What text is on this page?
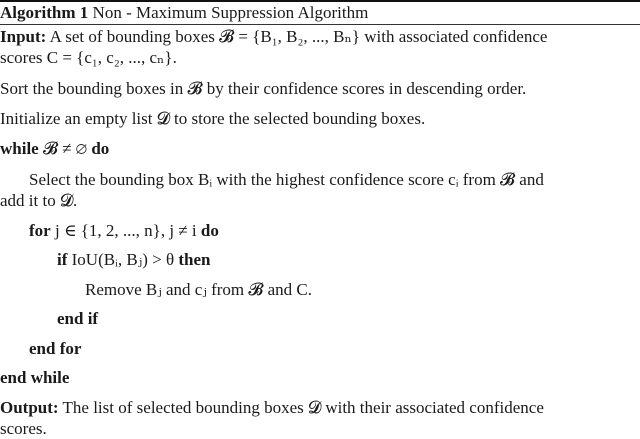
Algorithm 1 Non - Maximum Suppression Algorithm
Input: A set of bounding boxes 𝓑 = {B₁, B₂, ..., Bₙ} with associated confidence
scores C = {c₁, c₂, ..., cₙ}.
Sort the bounding boxes in 𝓑 by their confidence scores in descending order.
Initialize an empty list 𝓓 to store the selected bounding boxes.
while 𝓑 ≠ ∅ do
Select the bounding box Bᵢ with the highest confidence score cᵢ from 𝓑 and
add it to 𝓓.
for j ∈ {1, 2, ..., n}, j ≠ i do
if IoU(Bᵢ, Bⱼ) > θ then
Remove Bⱼ and cⱼ from 𝓑 and C.
end if
end for
end while
Output: The list of selected bounding boxes 𝓓 with their associated confidence
scores.
